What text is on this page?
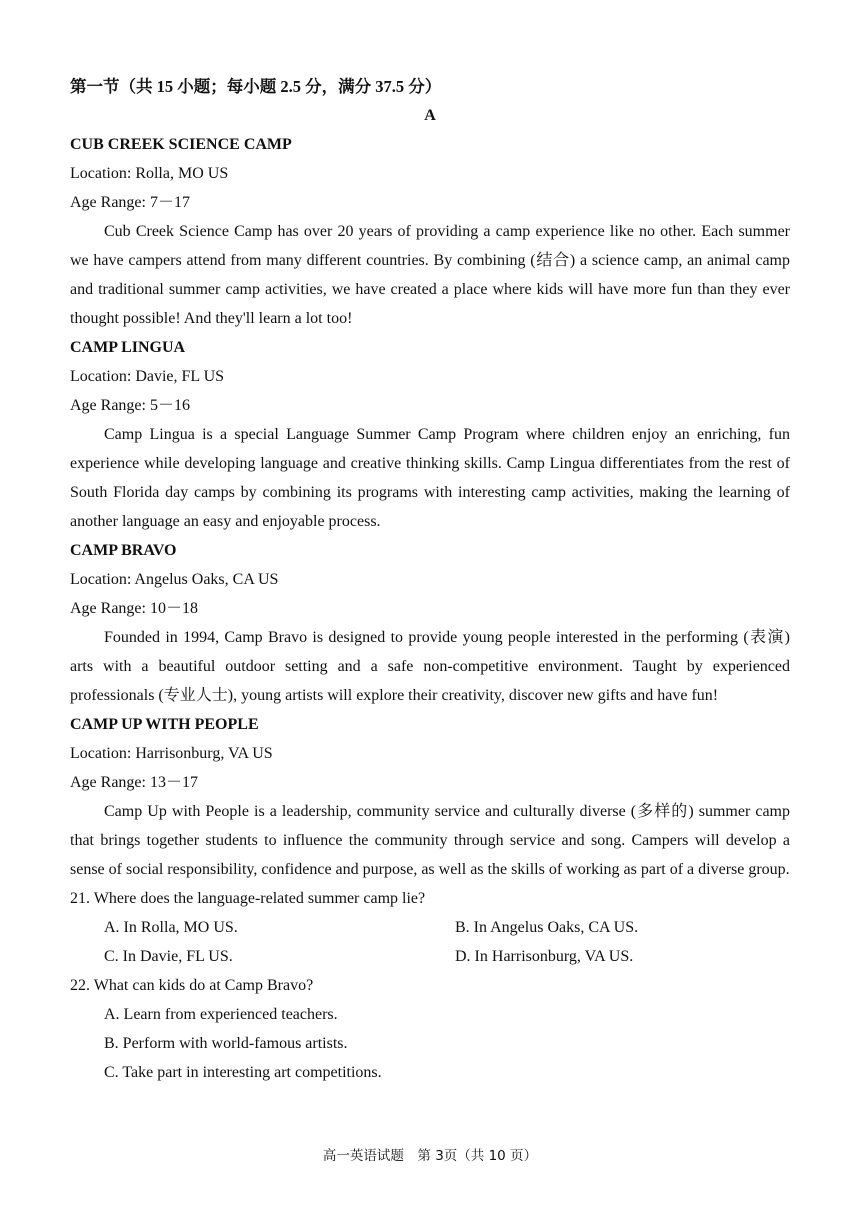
第一节（共 15 小题；每小题 2.5 分，满分 37.5 分）

A

CUB CREEK SCIENCE CAMP

Location: Rolla, MO US

Age Range: 7－17

Cub Creek Science Camp has over 20 years of providing a camp experience like no other. Each summer we have campers attend from many different countries. By combining (结合) a science camp, an animal camp and traditional summer camp activities, we have created a place where kids will have more fun than they ever thought possible! And they'll learn a lot too!

CAMP LINGUA

Location: Davie, FL US

Age Range: 5－16

Camp Lingua is a special Language Summer Camp Program where children enjoy an enriching, fun experience while developing language and creative thinking skills. Camp Lingua differentiates from the rest of South Florida day camps by combining its programs with interesting camp activities, making the learning of another language an easy and enjoyable process.

CAMP BRAVO

Location: Angelus Oaks, CA US

Age Range: 10－18

Founded in 1994, Camp Bravo is designed to provide young people interested in the performing (表演) arts with a beautiful outdoor setting and a safe non-competitive environment. Taught by experienced professionals (专业人士), young artists will explore their creativity, discover new gifts and have fun!

CAMP UP WITH PEOPLE

Location: Harrisonburg, VA US

Age Range: 13－17

Camp Up with People is a leadership, community service and culturally diverse (多样的) summer camp that brings together students to influence the community through service and song. Campers will develop a sense of social responsibility, confidence and purpose, as well as the skills of working as part of a diverse group.

21. Where does the language-related summer camp lie?

A. In Rolla, MO US.	B. In Angelus Oaks, CA US.
C. In Davie, FL US.	D. In Harrisonburg, VA US.

22. What can kids do at Camp Bravo?

A. Learn from experienced teachers.
B. Perform with world-famous artists.
C. Take part in interesting art competitions.
高一英语试题　第 3页（共 10 页）
